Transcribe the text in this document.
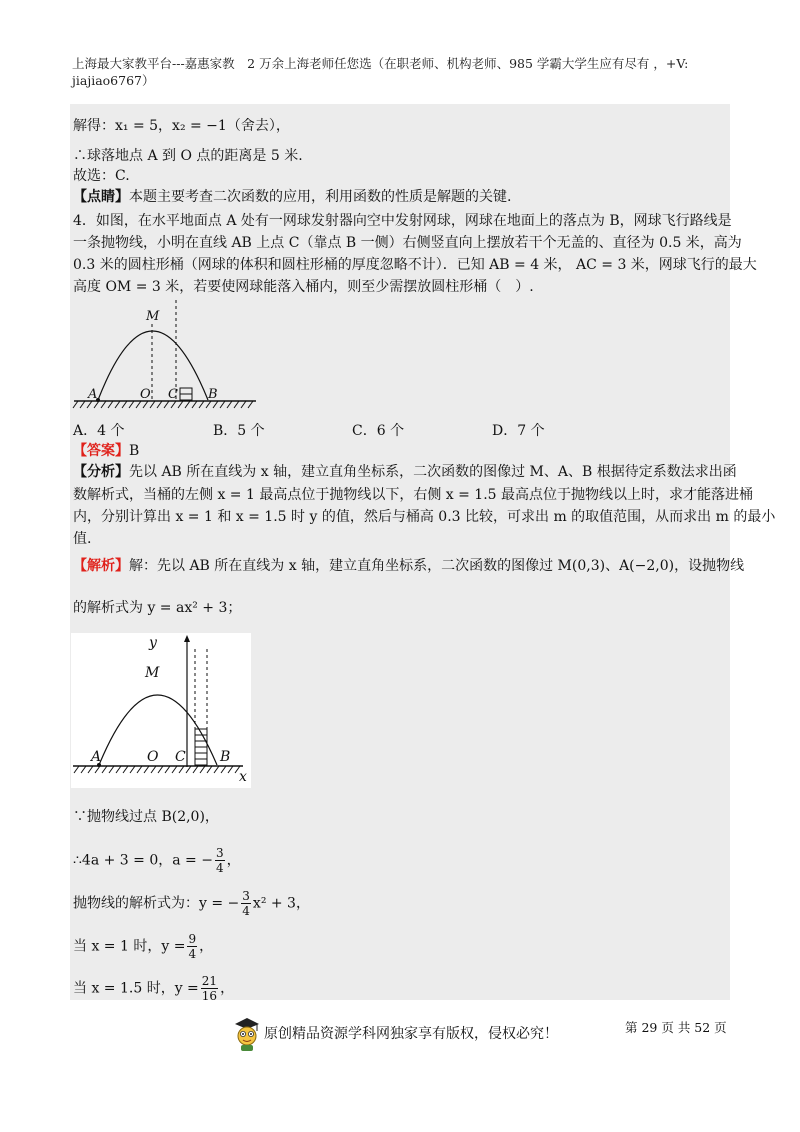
上海最大家教平台---嘉惠家教　2 万余上海老师任您选（在职老师、机构老师、985 学霸大学生应有尽有 ，+V:
jiajiao6767）
解得：x₁ = 5，x₂ = −1（舍去），
∴球落地点 A 到 O 点的距离是 5 米.
故选：C.
【点睛】本题主要考查二次函数的应用，利用函数的性质是解题的关键.
4．如图，在水平地面点 A 处有一网球发射器向空中发射网球，网球在地面上的落点为 B，网球飞行路线是
一条抛物线，小明在直线 AB 上点 C（靠点 B 一侧）右侧竖直向上摆放若干个无盖的、直径为 0.5 米，高为
0.3 米的圆柱形桶（网球的体积和圆柱形桶的厚度忽略不计）．已知 AB = 4 米， AC = 3 米，网球飞行的最大
高度 OM = 3 米，若要使网球能落入桶内，则至少需摆放圆柱形桶（　）.
M
A	O C B
A．4 个	B．5 个	C．6 个	D．7 个
【答案】B
【分析】先以 AB 所在直线为 x 轴，建立直角坐标系，二次函数的图像过 M、A、B 根据待定系数法求出函
数解析式，当桶的左侧 x = 1 最高点位于抛物线以下，右侧 x = 1.5 最高点位于抛物线以上时，求才能落进桶
内，分别计算出 x = 1 和 x = 1.5 时 y 的值，然后与桶高 0.3 比较，可求出 m 的取值范围，从而求出 m 的最小
值.
【解析】解：先以 AB 所在直线为 x 轴，建立直角坐标系，二次函数的图像过 M(0,3)、A(−2,0)，设抛物线
的解析式为 y = ax² + 3；
y
M
A	O C B
x
∵抛物线过点 B(2,0)，
∴4a + 3 = 0，a = − $\frac{3}{4}$ ，
抛物线的解析式为：y = − $\frac{3}{4} x^2 + 3$，
当 x = 1 时，$y = \frac{9}{4}$ ，
当 x = 1.5 时，$y = \frac{21}{16}$ ，
原创精品资源学科网独家享有版权，侵权必究！	第 29 页 共 52 页
